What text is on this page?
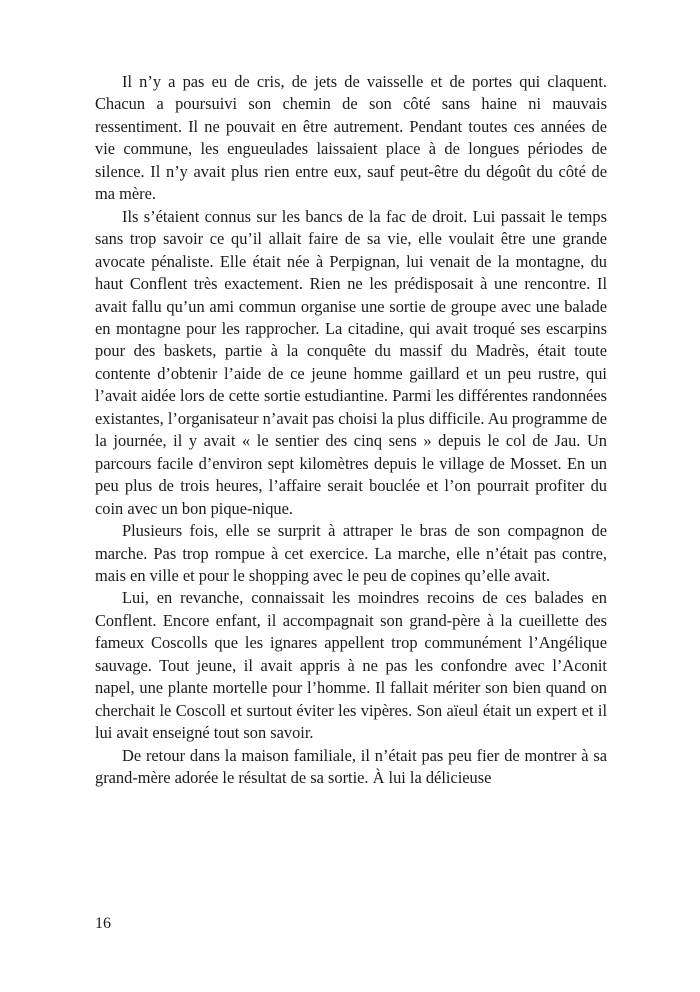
Il n’y a pas eu de cris, de jets de vaisselle et de portes qui claquent. Chacun a poursuivi son chemin de son côté sans haine ni mauvais ressentiment. Il ne pouvait en être autrement. Pendant toutes ces années de vie commune, les engueulades laissaient place à de longues périodes de silence. Il n’y avait plus rien entre eux, sauf peut-être du dégoût du côté de ma mère.

Ils s’étaient connus sur les bancs de la fac de droit. Lui passait le temps sans trop savoir ce qu’il allait faire de sa vie, elle voulait être une grande avocate pénaliste. Elle était née à Perpignan, lui venait de la montagne, du haut Conflent très exactement. Rien ne les prédisposait à une rencontre. Il avait fallu qu’un ami commun organise une sortie de groupe avec une balade en montagne pour les rapprocher. La citadine, qui avait troqué ses escarpins pour des baskets, partie à la conquête du massif du Madrès, était toute contente d’obtenir l’aide de ce jeune homme gaillard et un peu rustre, qui l’avait aidée lors de cette sortie estudiantine. Parmi les différentes randonnées existantes, l’organisateur n’avait pas choisi la plus difficile. Au programme de la journée, il y avait « le sentier des cinq sens » depuis le col de Jau. Un parcours facile d’environ sept kilomètres depuis le village de Mosset. En un peu plus de trois heures, l’affaire serait bouclée et l’on pourrait profiter du coin avec un bon pique-nique.

Plusieurs fois, elle se surprit à attraper le bras de son compagnon de marche. Pas trop rompue à cet exercice. La marche, elle n’était pas contre, mais en ville et pour le shopping avec le peu de copines qu’elle avait.

Lui, en revanche, connaissait les moindres recoins de ces balades en Conflent. Encore enfant, il accompagnait son grand-père à la cueillette des fameux Coscolls que les ignares appellent trop communément l’Angélique sauvage. Tout jeune, il avait appris à ne pas les confondre avec l’Aconit napel, une plante mortelle pour l’homme. Il fallait mériter son bien quand on cherchait le Coscoll et surtout éviter les vipères. Son aïeul était un expert et il lui avait enseigné tout son savoir.

De retour dans la maison familiale, il n’était pas peu fier de montrer à sa grand-mère adorée le résultat de sa sortie. À lui la délicieuse

16
